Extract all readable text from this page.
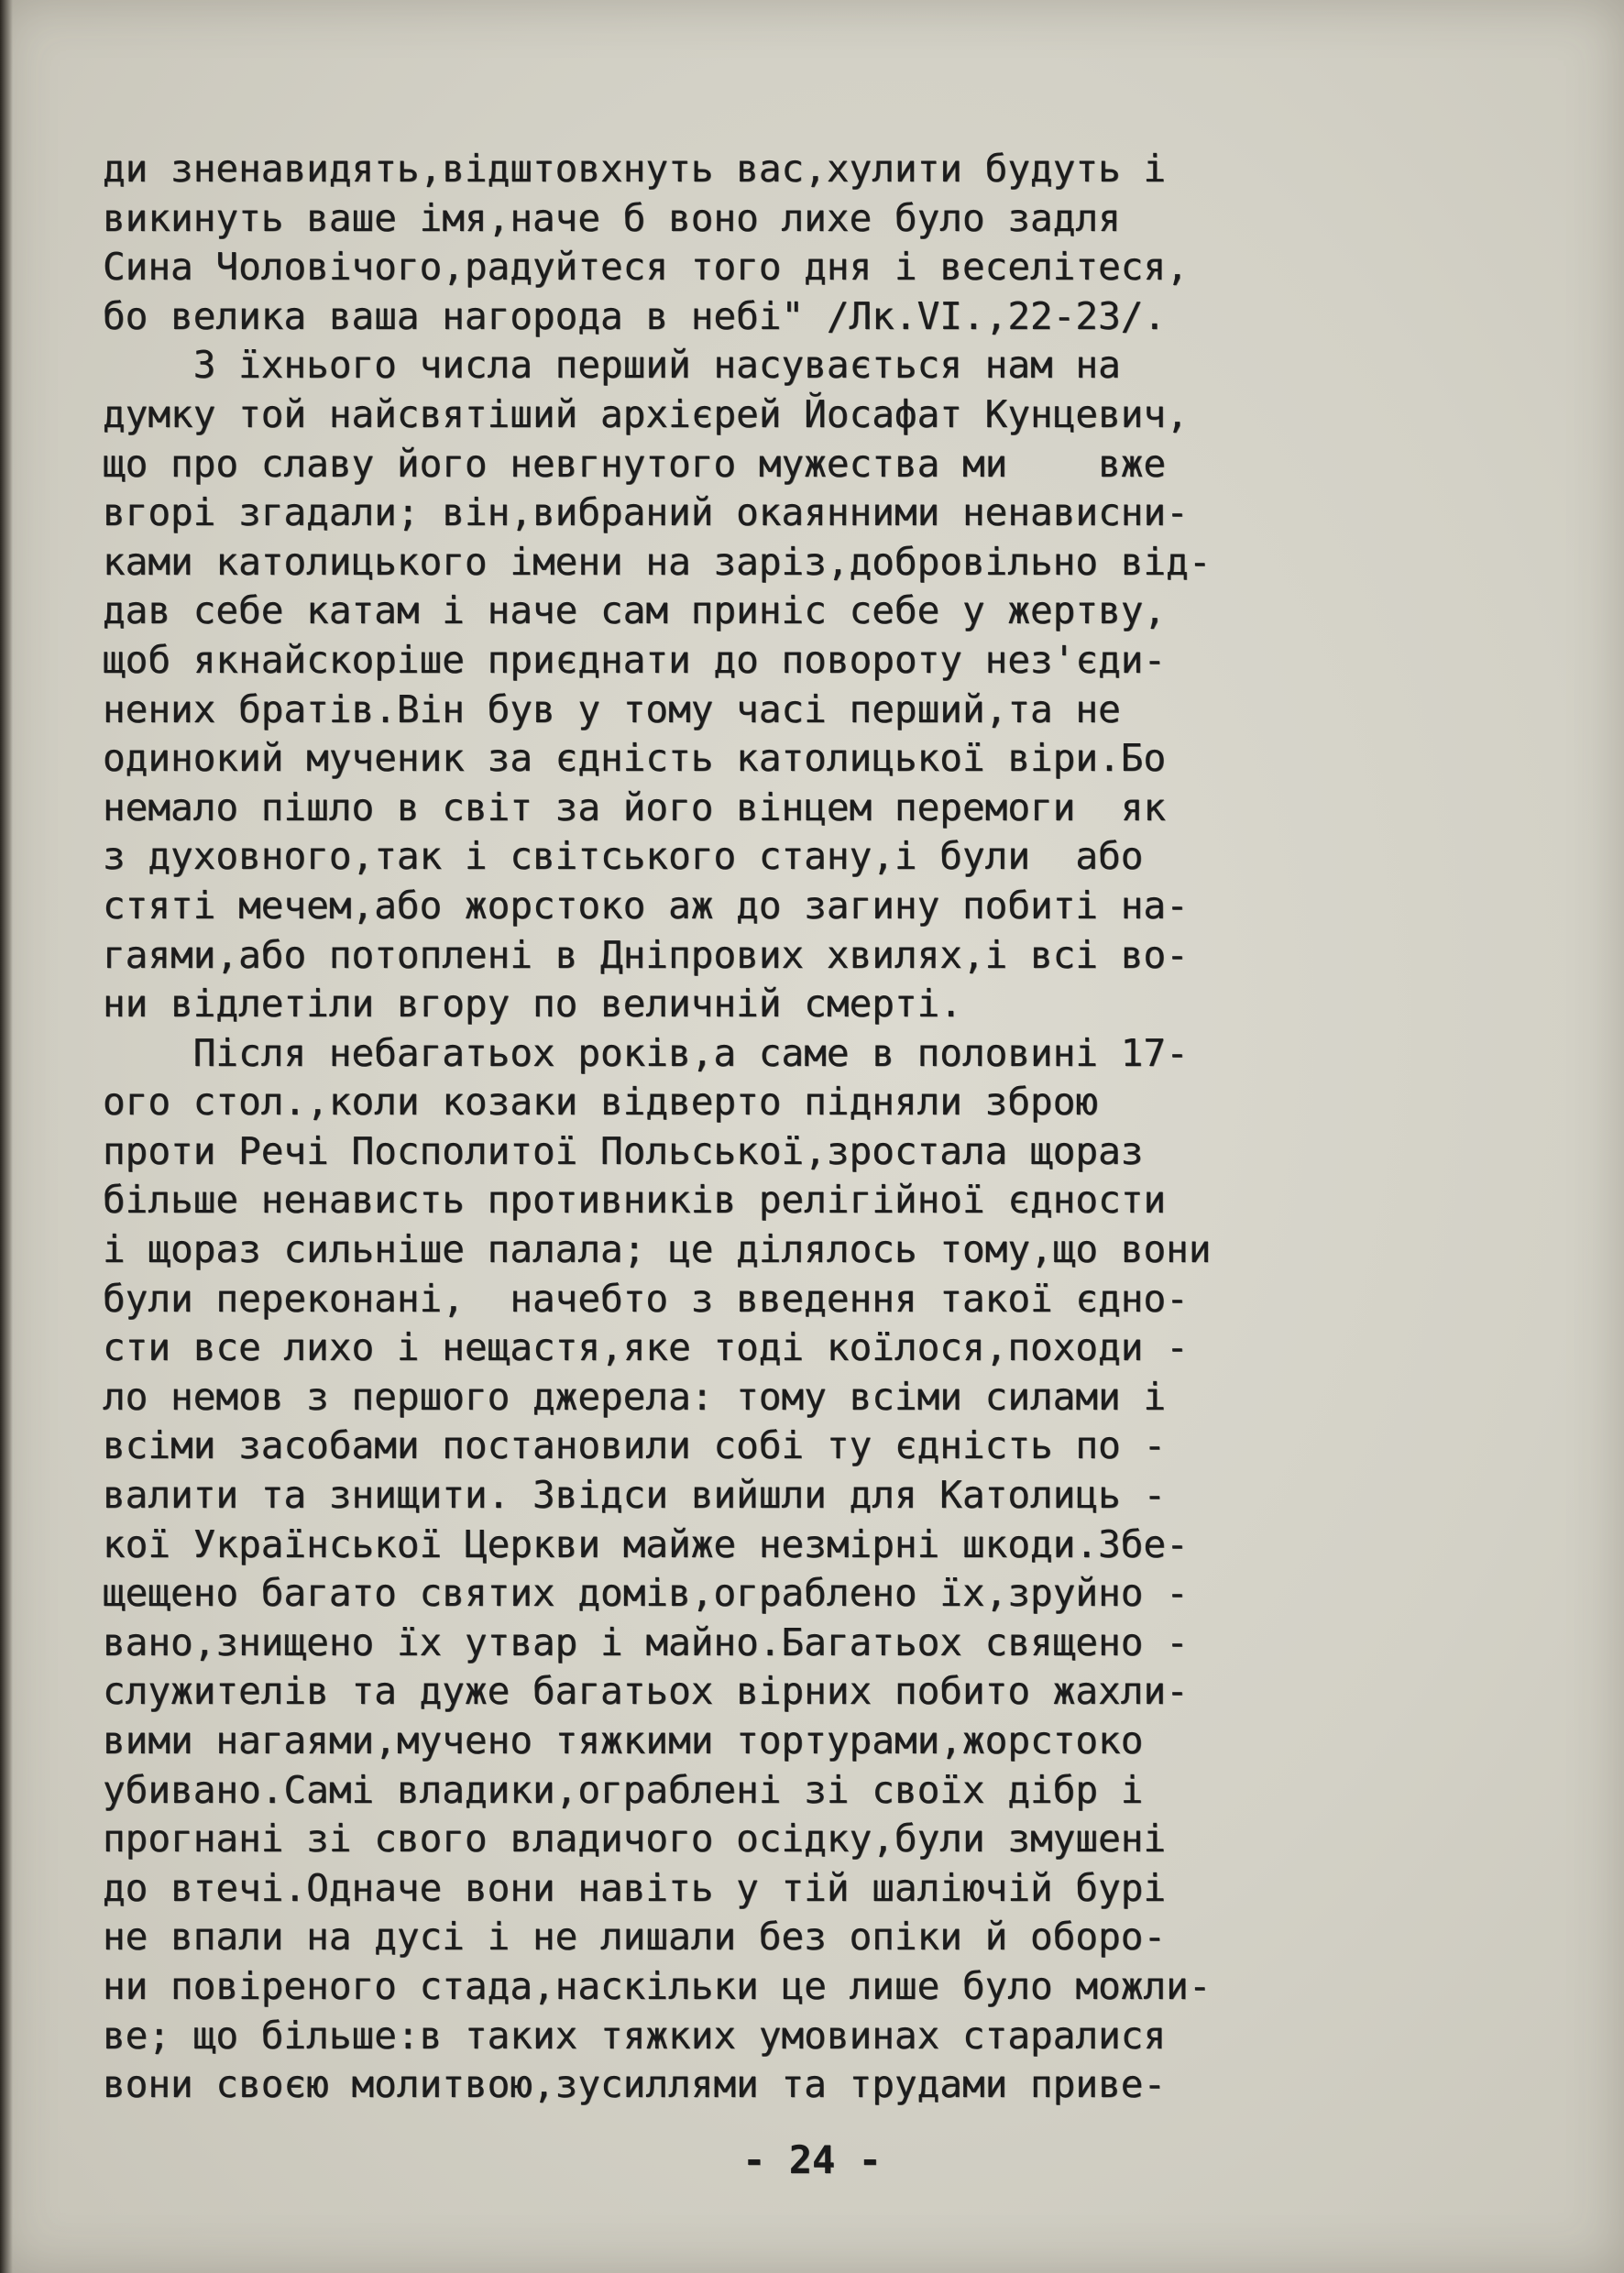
ди зненавидять,відштовхнуть вас,хулити будуть і
викинуть ваше імя,наче б воно лихе було задля
Сина Чоловічого,радуйтеся того дня і веселітеся,
бо велика ваша нагорода в небі" /Лк.VI.,22-23/.
З їхнього числа перший насувається нам на
думку той найсвятіший архієрей Йосафат Кунцевич,
що про славу його невгнутого мужества ми    вже
вгорі згадали; він,вибраний окаянними ненависни-
ками католицького імени на заріз,добровільно від-
дав себе катам і наче сам приніс себе у жертву,
щоб якнайскоріше приєднати до повороту нез'єди-
нених братів.Він був у тому часі перший,та не
одинокий мученик за єдність католицької віри.Бо
немало пішло в світ за його вінцем перемоги  як
з духовного,так і світського стану,і були  або
стяті мечем,або жорстоко аж до загину побиті на-
гаями,або потоплені в Дніпрових хвилях,і всі во-
ни відлетіли вгору по величній смерті.
Після небагатьох років,а саме в половині 17-
ого стол.,коли козаки відверто підняли зброю
проти Речі Посполитої Польської,зростала щораз
більше ненависть противників релігійної єдности
і щораз сильніше палала; це ділялось тому,що вони
були переконані,  начебто з введення такої єдно-
сти все лихо і нещастя,яке тоді коїлося,походи -
ло немов з першого джерела: тому всіми силами і
всіми засобами постановили собі ту єдність по -
валити та знищити. Звідси вийшли для Католиць -
кої Української Церкви майже незмірні шкоди.Збе-
щещено багато святих домів,ограблено їх,зруйно -
вано,знищено їх утвар і майно.Багатьох священо -
служителів та дуже багатьох вірних побито жахли-
вими нагаями,мучено тяжкими тортурами,жорстоко
убивано.Самі владики,ограблені зі своїх дібр і
прогнані зі свого владичого осідку,були змушені
до втечі.Одначе вони навіть у тій шаліючій бурі
не впали на дусі і не лишали без опіки й оборо-
ни повіреного стада,наскільки це лише було можли-
ве; що більше:в таких тяжких умовинах старалися
вони своєю молитвою,зусиллями та трудами приве-
- 24 -
